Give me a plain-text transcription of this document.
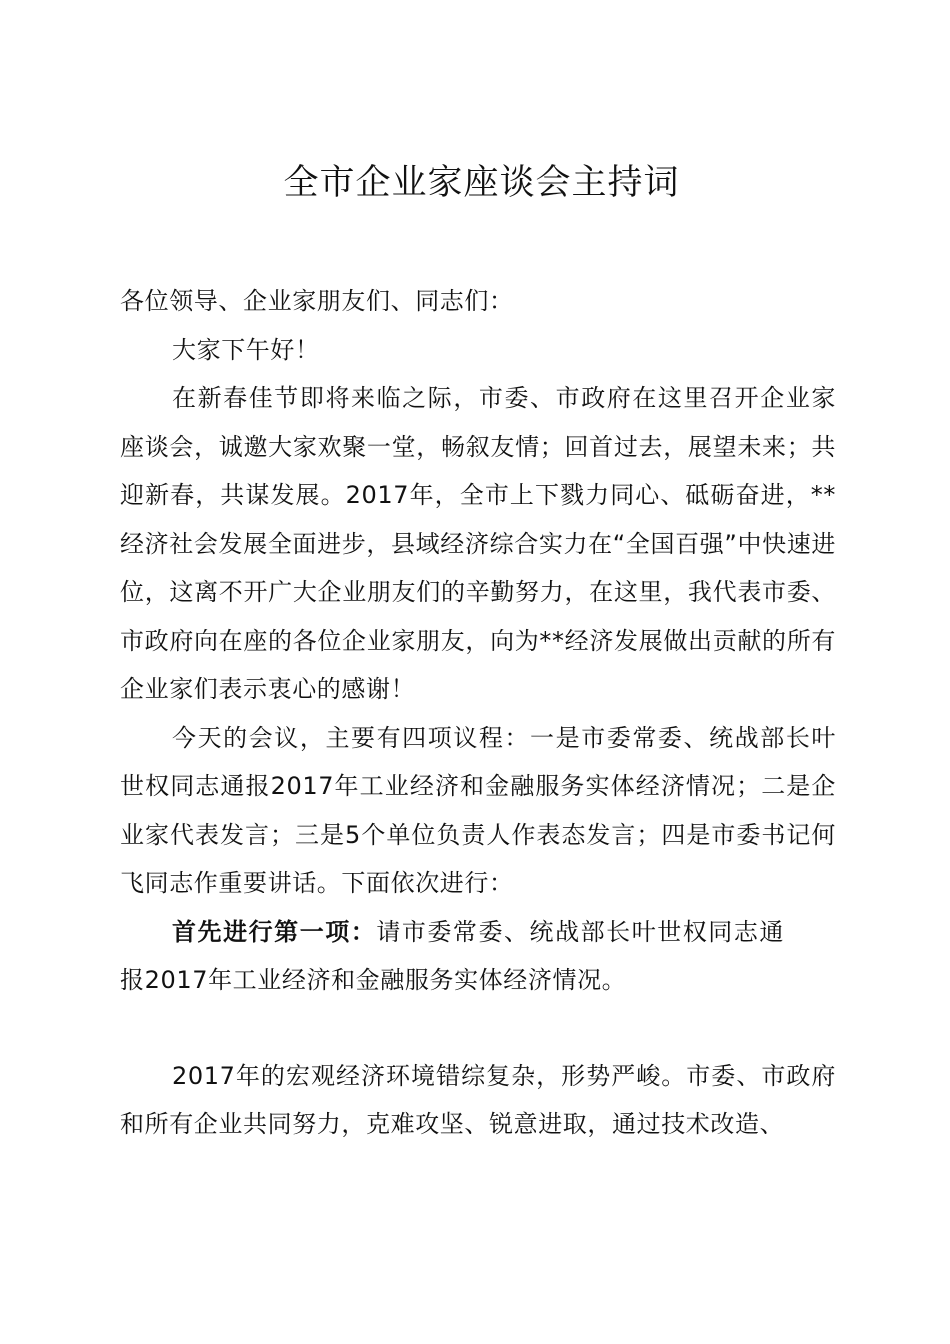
全市企业家座谈会主持词

各位领导、企业家朋友们、同志们：

大家下午好！

在新春佳节即将来临之际，市委、市政府在这里召开企业家座谈会，诚邀大家欢聚一堂，畅叙友情；回首过去，展望未来；共迎新春，共谋发展。2017年，全市上下戮力同心、砥砺奋进，**经济社会发展全面进步，县域经济综合实力在“全国百强”中快速进位，这离不开广大企业朋友们的辛勤努力，在这里，我代表市委、市政府向在座的各位企业家朋友，向为**经济发展做出贡献的所有企业家们表示衷心的感谢！

今天的会议，主要有四项议程：一是市委常委、统战部长叶世权同志通报2017年工业经济和金融服务实体经济情况；二是企业家代表发言；三是5个单位负责人作表态发言；四是市委书记何飞同志作重要讲话。下面依次进行：

首先进行第一项：请市委常委、统战部长叶世权同志通报2017年工业经济和金融服务实体经济情况。

2017年的宏观经济环境错综复杂，形势严峻。市委、市政府和所有企业共同努力，克难攻坚、锐意进取，通过技术改造、
